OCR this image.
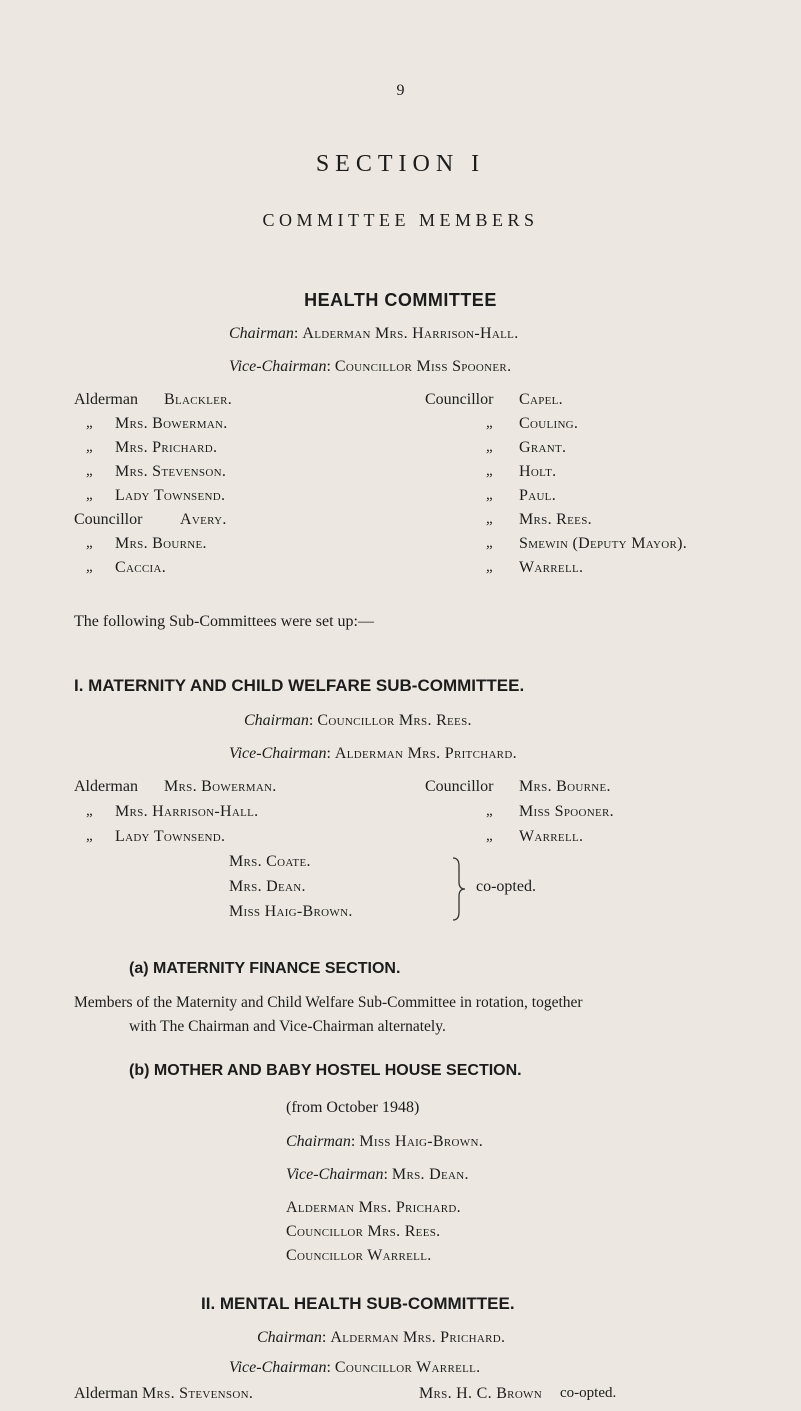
9
SECTION I
COMMITTEE MEMBERS
HEALTH COMMITTEE
Chairman: Alderman Mrs. Harrison-Hall.
Vice-Chairman: Councillor Miss Spooner.
Alderman Blackler.
„ Mrs. Bowerman.
„ Mrs. Prichard.
„ Mrs. Stevenson.
„ Lady Townsend.
Councillor Avery.
„ Mrs. Bourne.
„ Caccia.
Councillor Capel.
„ Couling.
„ Grant.
„ Holt.
„ Paul.
„ Mrs. Rees.
„ Smewin (Deputy Mayor).
„ Warrell.
The following Sub-Committees were set up:—
I. MATERNITY AND CHILD WELFARE SUB-COMMITTEE.
Chairman: Councillor Mrs. Rees.
Vice-Chairman: Alderman Mrs. Pritchard.
Alderman Mrs. Bowerman.
„ Mrs. Harrison-Hall.
„ Lady Townsend.
Councillor Mrs. Bourne.
„ Miss Spooner.
„ Warrell.
Mrs. Coate.
Mrs. Dean.
Miss Haig-Brown.
co-opted.
(a) MATERNITY FINANCE SECTION.
Members of the Maternity and Child Welfare Sub-Committee in rotation, together
with The Chairman and Vice-Chairman alternately.
(b) MOTHER AND BABY HOSTEL HOUSE SECTION.
(from October 1948)
Chairman: Miss Haig-Brown.
Vice-Chairman: Mrs. Dean.
Alderman Mrs. Prichard.
Councillor Mrs. Rees.
Councillor Warrell.
II. MENTAL HEALTH SUB-COMMITTEE.
Chairman: Alderman Mrs. Prichard.
Vice-Chairman: Councillor Warrell.
Alderman Mrs. Stevenson.	Mrs. H. C. Brown co-opted.
